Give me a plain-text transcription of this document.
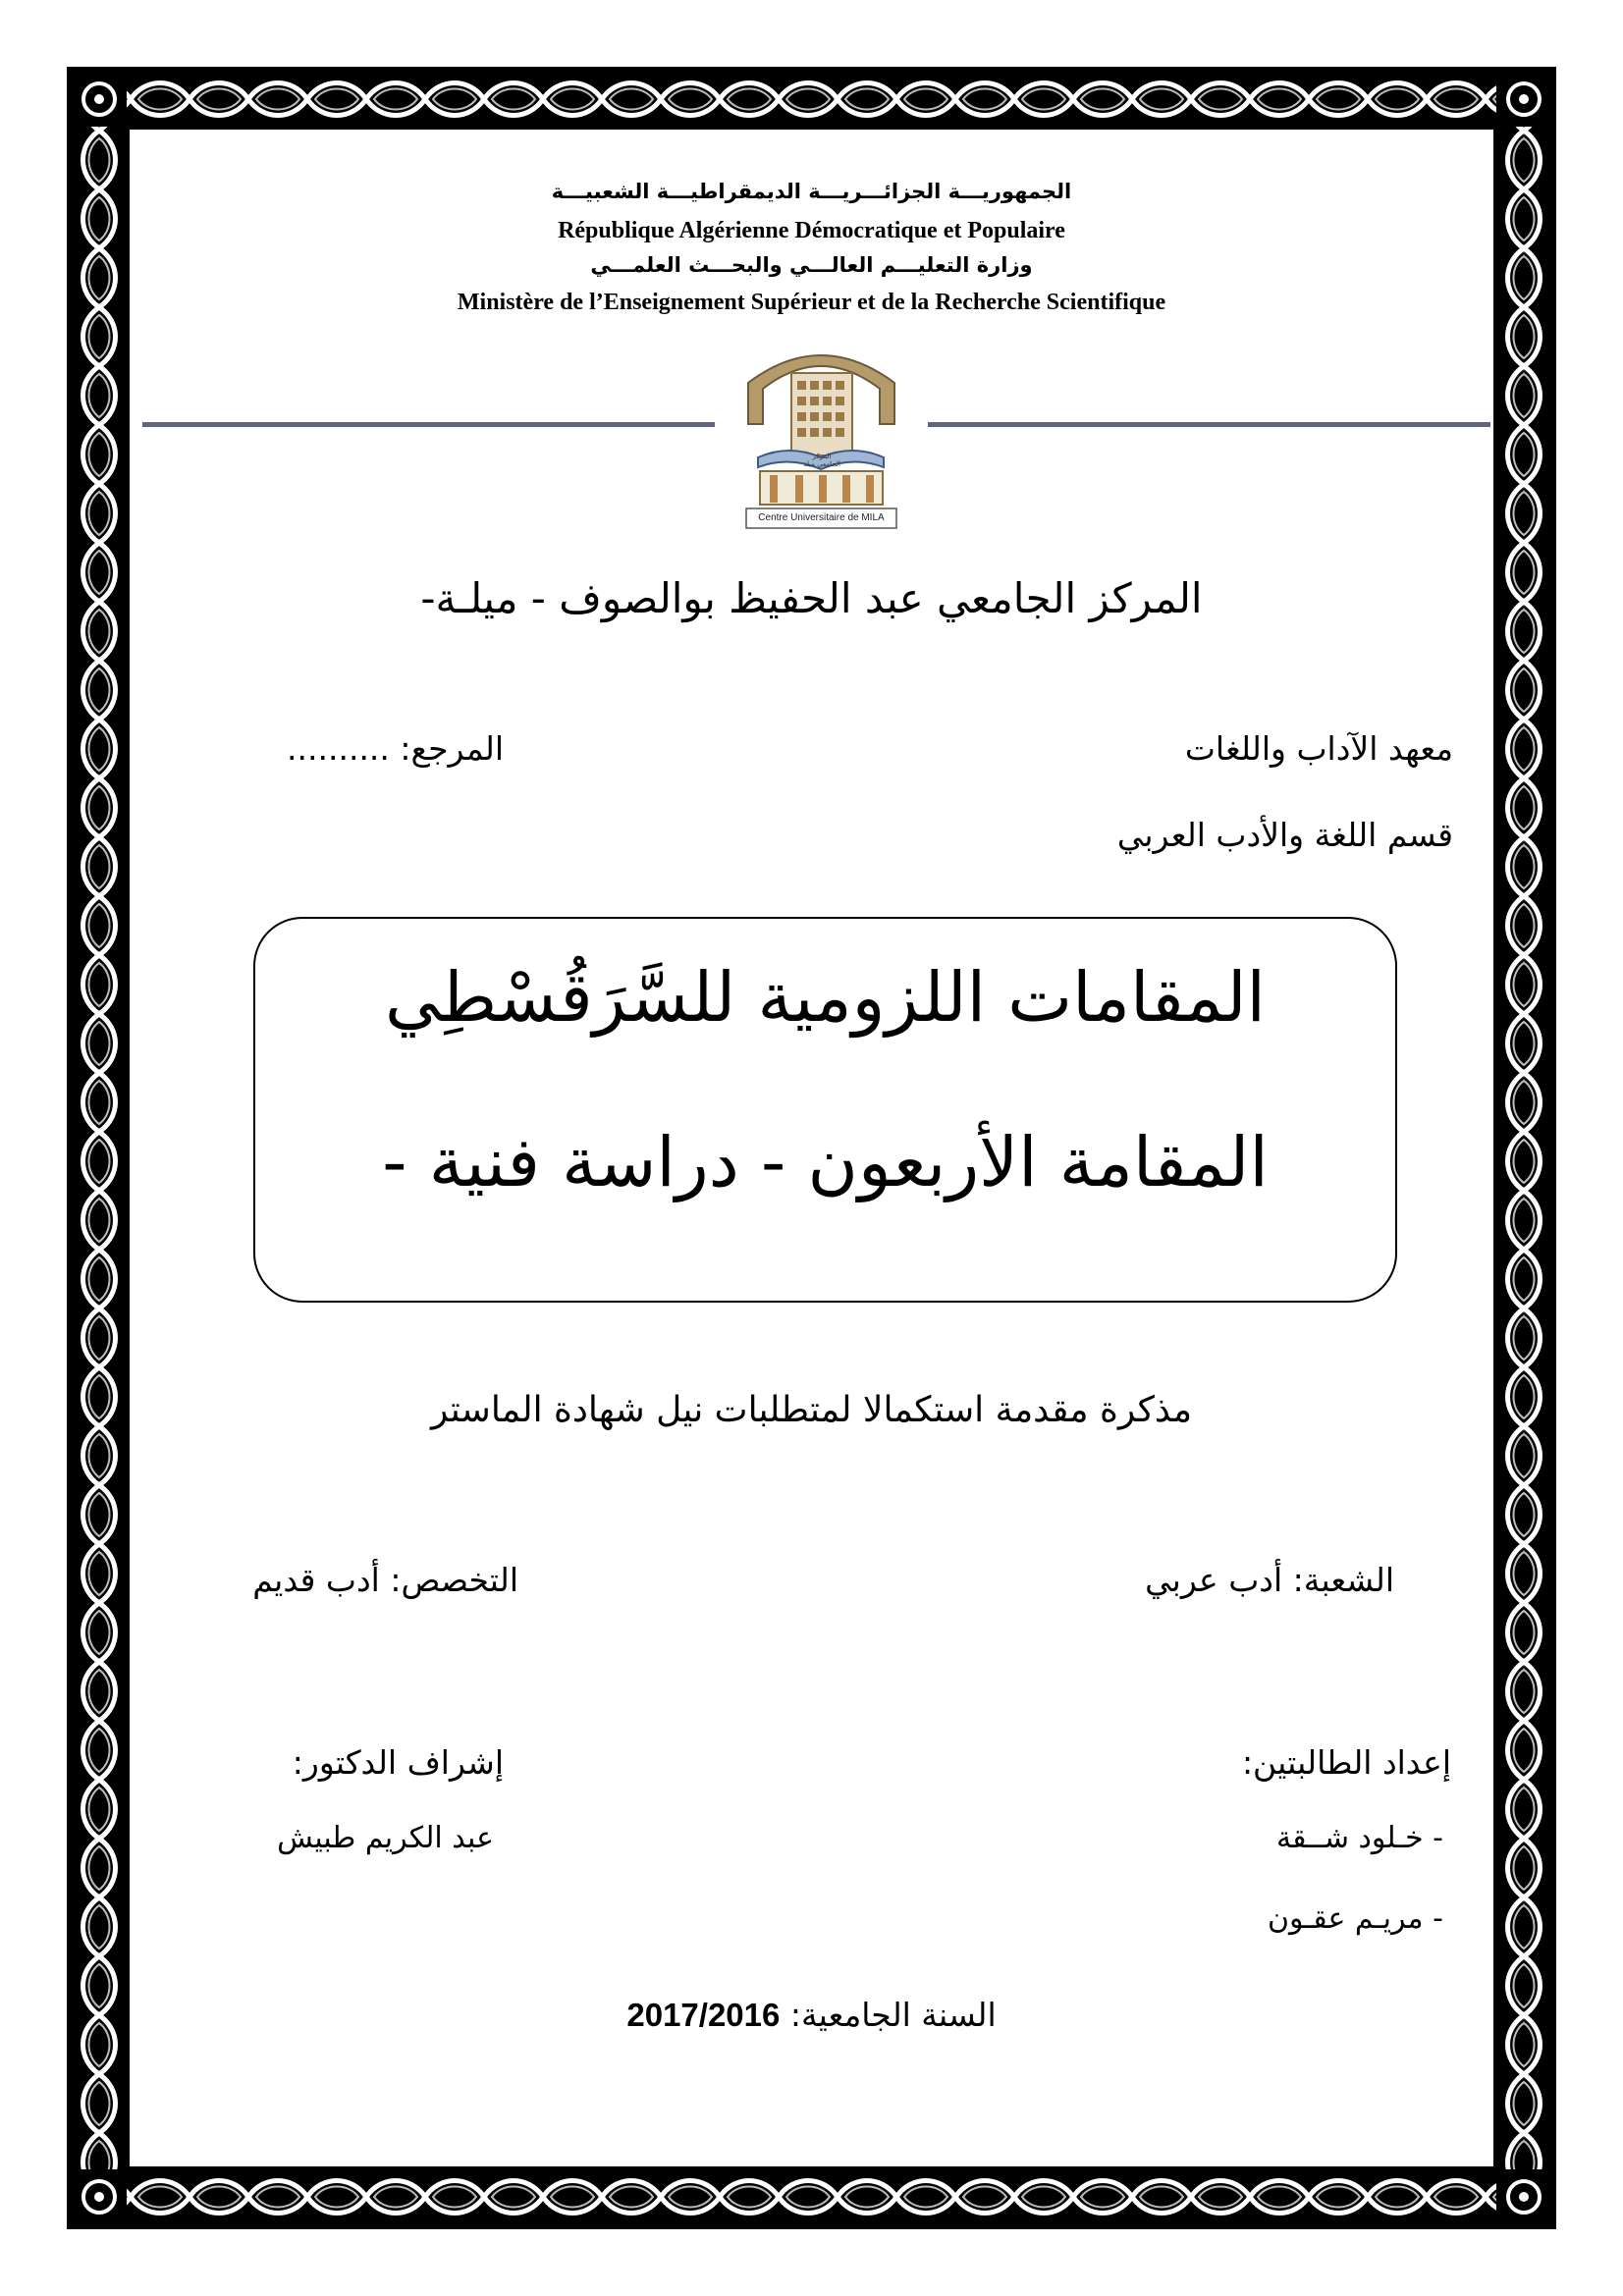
الجمهوريـــة الجزائـــريـــة الديمقراطيـــة الشعبيـــة
République Algérienne Démocratique et Populaire
وزارة التعليـــم العالـــي والبحـــث العلمـــي
Ministère de l’Enseignement Supérieur et de la Recherche Scientifique
المركز الجامعي ميلة
Centre Universitaire de MILA
المركز الجامعي عبد الحفيظ بوالصوف - ميلـة-
معهد الآداب واللغات
المرجع: ..........
قسم اللغة والأدب العربي
المقامات اللزومية للسَّرَقُسْطِي
المقامة الأربعون - دراسة فنية -
مذكرة مقدمة استكمالا لمتطلبات نيل شهادة الماستر
الشعبة: أدب عربي
التخصص: أدب قديم
إعداد الطالبتين:
- خـلود شــقة
- مريـم عقـون
إشراف الدكتور:
عبد الكريم طبيش
السنة الجامعية: 2017/2016
